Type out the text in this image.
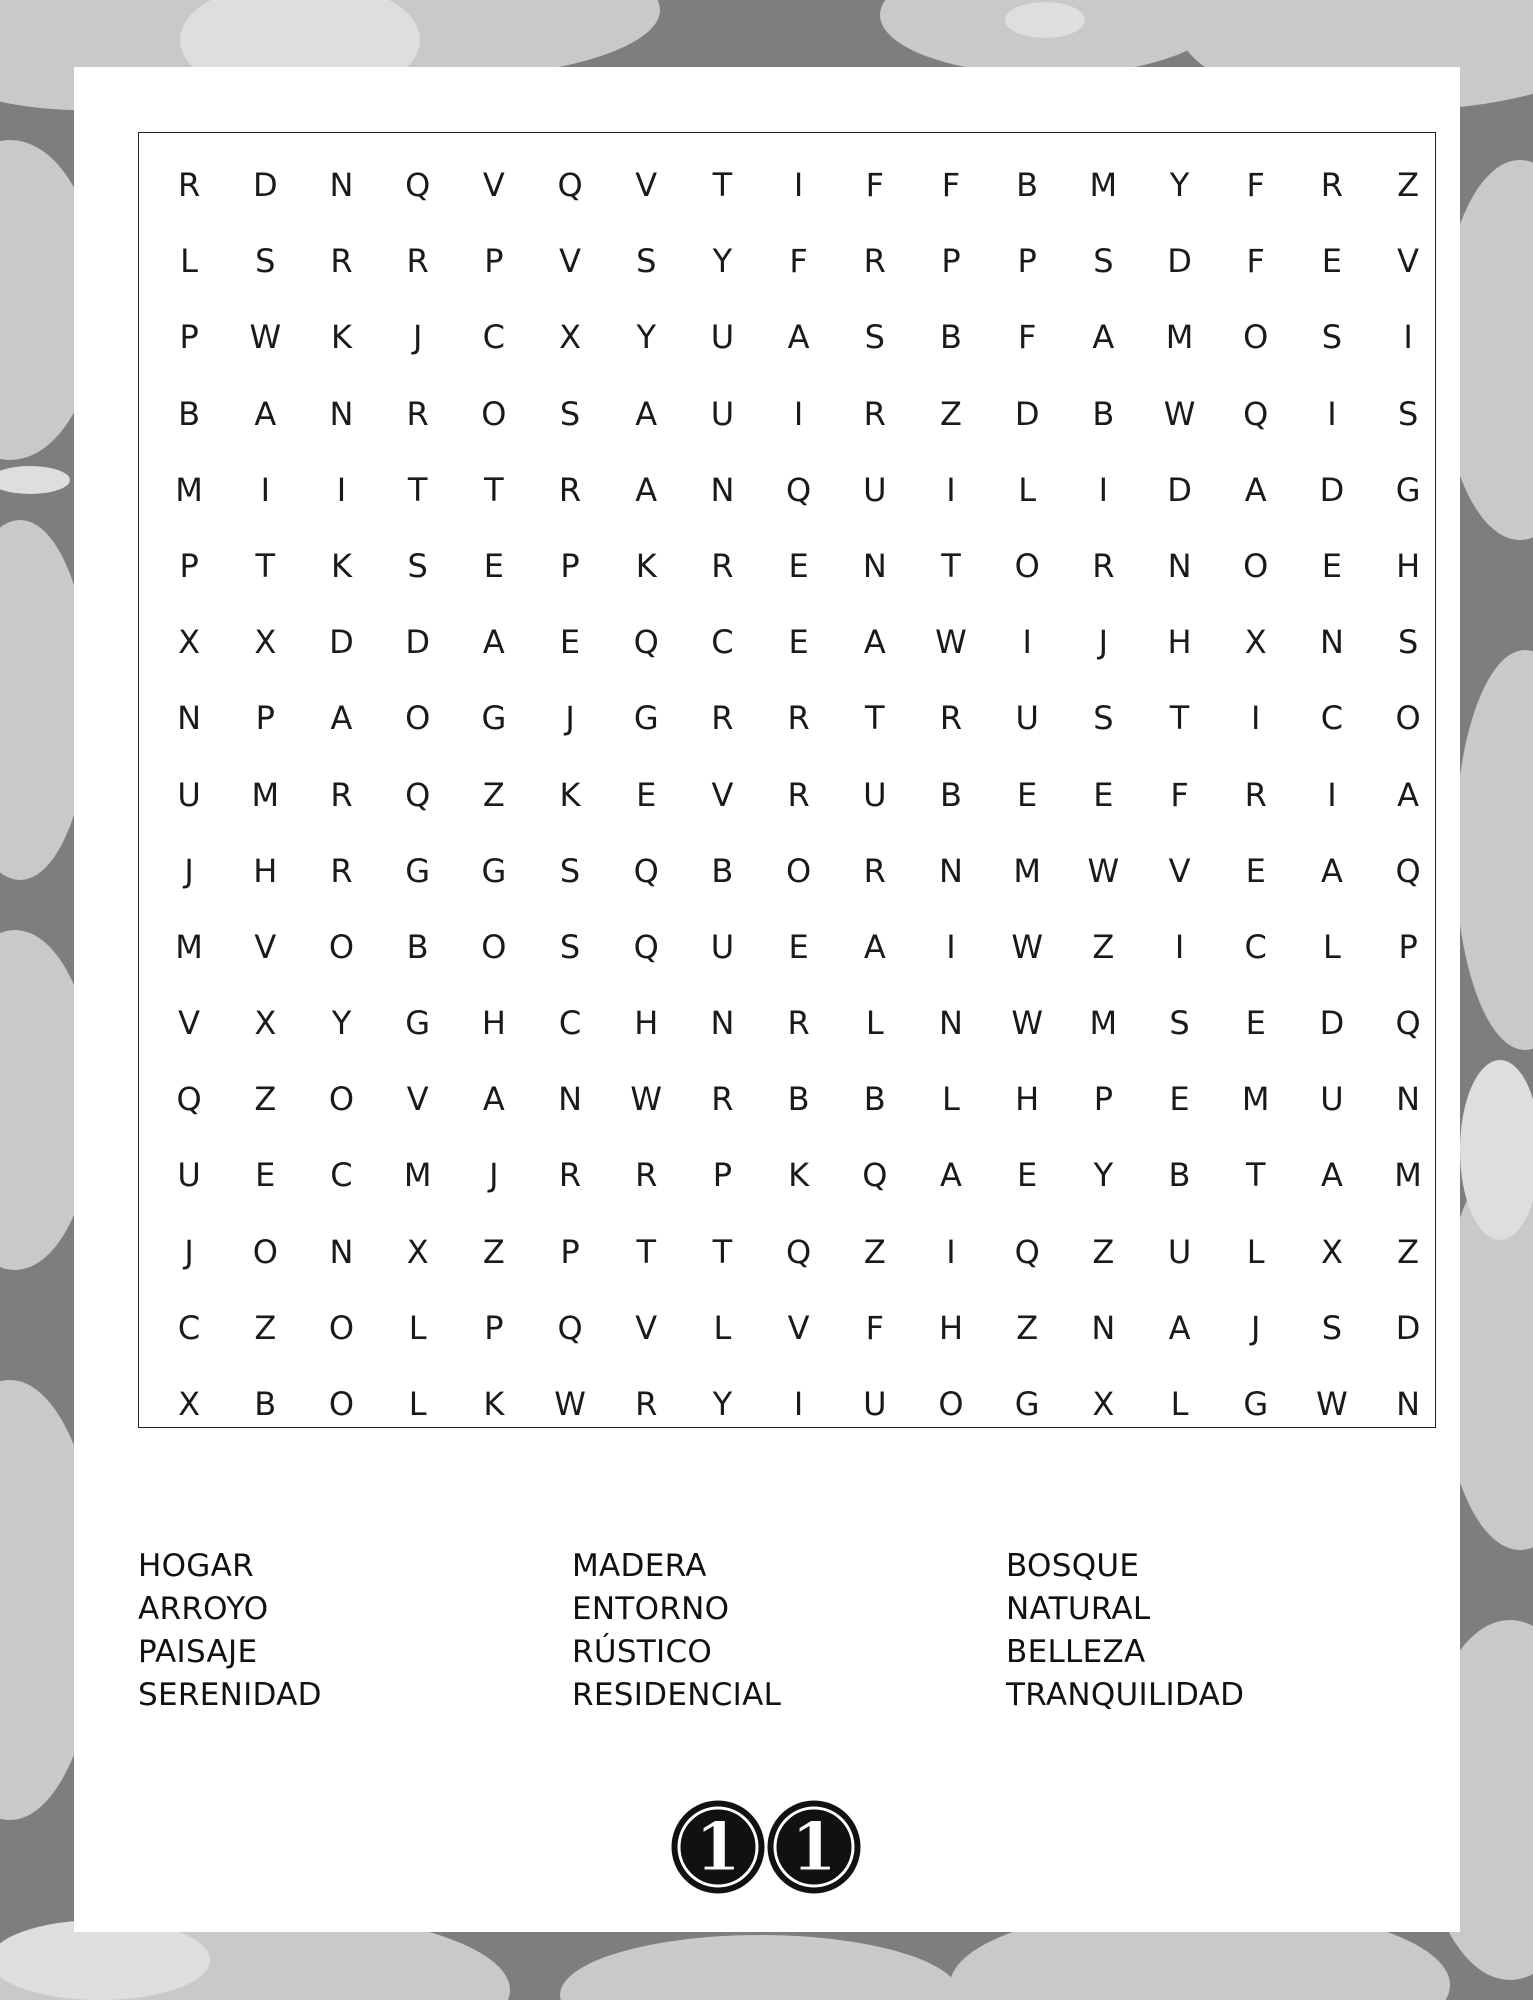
R	D	N	Q	V	Q	V	T	I	F	F	B	M	Y	F	R	Z
L	S	R	R	P	V	S	Y	F	R	P	P	S	D	F	E	V
P	W	K	J	C	X	Y	U	A	S	B	F	A	M	O	S	I
B	A	N	R	O	S	A	U	I	R	Z	D	B	W	Q	I	S
M	I	I	T	T	R	A	N	Q	U	I	L	I	D	A	D	G
P	T	K	S	E	P	K	R	E	N	T	O	R	N	O	E	H
X	X	D	D	A	E	Q	C	E	A	W	I	J	H	X	N	S
N	P	A	O	G	J	G	R	R	T	R	U	S	T	I	C	O
U	M	R	Q	Z	K	E	V	R	U	B	E	E	F	R	I	A
J	H	R	G	G	S	Q	B	O	R	N	M	W	V	E	A	Q
M	V	O	B	O	S	Q	U	E	A	I	W	Z	I	C	L	P
V	X	Y	G	H	C	H	N	R	L	N	W	M	S	E	D	Q
Q	Z	O	V	A	N	W	R	B	B	L	H	P	E	M	U	N
U	E	C	M	J	R	R	P	K	Q	A	E	Y	B	T	A	M
J	O	N	X	Z	P	T	T	Q	Z	I	Q	Z	U	L	X	Z
C	Z	O	L	P	Q	V	L	V	F	H	Z	N	A	J	S	D
X	B	O	L	K	W	R	Y	I	U	O	G	X	L	G	W	N
HOGAR
ARROYO
PAISAJE
SERENIDAD
MADERA
ENTORNO
RÚSTICO
RESIDENCIAL
BOSQUE
NATURAL
BELLEZA
TRANQUILIDAD
1 1
